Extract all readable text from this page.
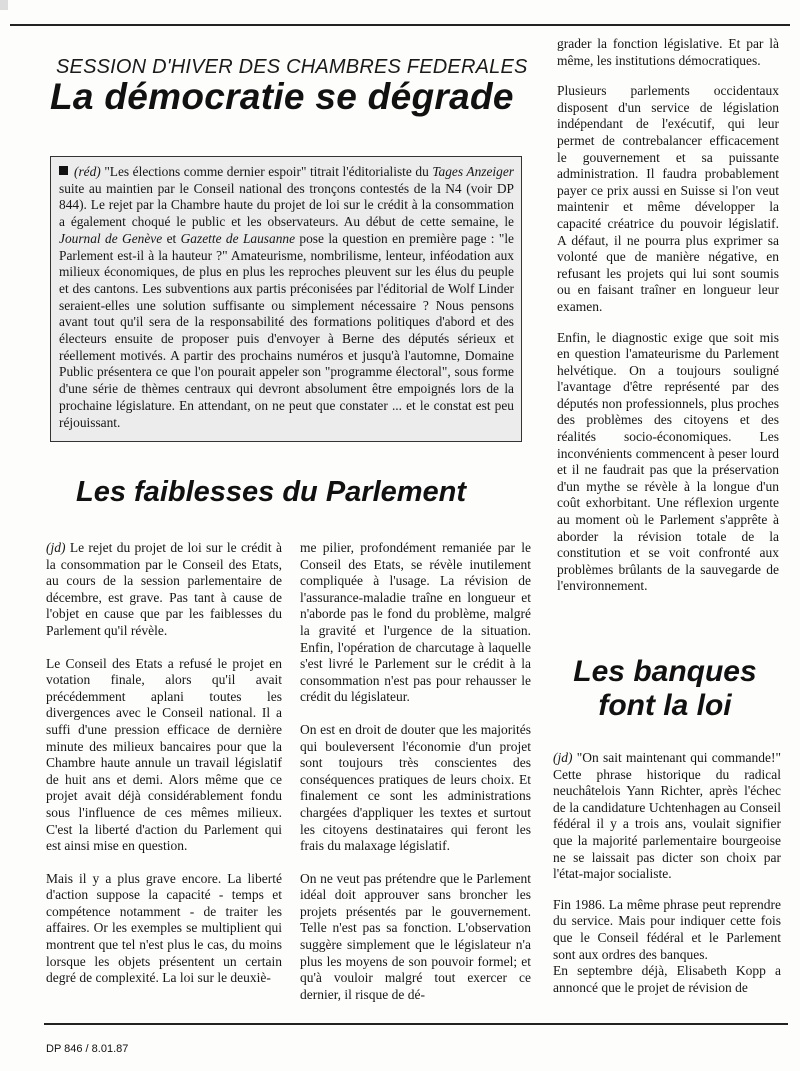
SESSION D'HIVER DES CHAMBRES FEDERALES
La démocratie se dégrade

(réd) "Les élections comme dernier espoir" titrait l'éditorialiste du Tages Anzeiger suite au maintien par le Conseil national des tronçons contestés de la N4 (voir DP 844). Le rejet par la Chambre haute du projet de loi sur le crédit à la consommation a également choqué le public et les observateurs. Au début de cette semaine, le Journal de Genève et Gazette de Lausanne pose la question en première page : "le Parlement est-il à la hauteur ?" Amateurisme, nombrilisme, lenteur, inféodation aux milieux économiques, de plus en plus les reproches pleuvent sur les élus du peuple et des cantons. Les subventions aux partis préconisées par l'éditorial de Wolf Linder seraient-elles une solution suffisante ou simplement nécessaire ? Nous pensons avant tout qu'il sera de la responsabilité des formations politiques d'abord et des électeurs ensuite de proposer puis d'envoyer à Berne des députés sérieux et réellement motivés. A partir des prochains numéros et jusqu'à l'automne, Domaine Public présentera ce que l'on pourait appeler son "programme électoral", sous forme d'une série de thèmes centraux qui devront absolument être empoignés lors de la prochaine législature. En attendant, on ne peut que constater ... et le constat est peu réjouissant.

Les faiblesses du Parlement

(jd) Le rejet du projet de loi sur le crédit à la consommation par le Conseil des Etats, au cours de la session parlementaire de décembre, est grave. Pas tant à cause de l'objet en cause que par les faiblesses du Parlement qu'il révèle.

Le Conseil des Etats a refusé le projet en votation finale, alors qu'il avait précédemment aplani toutes les divergences avec le Conseil national. Il a suffi d'une pression efficace de dernière minute des milieux bancaires pour que la Chambre haute annule un travail législatif de huit ans et demi. Alors même que ce projet avait déjà considérablement fondu sous l'influence de ces mêmes milieux. C'est la liberté d'action du Parlement qui est ainsi mise en question.

Mais il y a plus grave encore. La liberté d'action suppose la capacité - temps et compétence notamment - de traiter les affaires. Or les exemples se multiplient qui montrent que tel n'est plus le cas, du moins lorsque les objets présentent un certain degré de complexité. La loi sur le deuxiè-

me pilier, profondément remaniée par le Conseil des Etats, se révèle inutilement compliquée à l'usage. La révision de l'assurance-maladie traîne en longueur et n'aborde pas le fond du problème, malgré la gravité et l'urgence de la situation. Enfin, l'opération de charcutage à laquelle s'est livré le Parlement sur le crédit à la consommation n'est pas pour rehausser le crédit du législateur.

On est en droit de douter que les majorités qui bouleversent l'économie d'un projet sont toujours très conscientes des conséquences pratiques de leurs choix. Et finalement ce sont les administrations chargées d'appliquer les textes et surtout les citoyens destinataires qui feront les frais du malaxage législatif.

On ne veut pas prétendre que le Parlement idéal doit approuver sans broncher les projets présentés par le gouvernement. Telle n'est pas sa fonction. L'observation suggère simplement que le législateur n'a plus les moyens de son pouvoir formel; et qu'à vouloir malgré tout exercer ce dernier, il risque de dé-

grader la fonction législative. Et par là même, les institutions démocratiques.

Plusieurs parlements occidentaux disposent d'un service de législation indépendant de l'exécutif, qui leur permet de contrebalancer efficacement le gouvernement et sa puissante administration. Il faudra probablement payer ce prix aussi en Suisse si l'on veut maintenir et même développer la capacité créatrice du pouvoir législatif. A défaut, il ne pourra plus exprimer sa volonté que de manière négative, en refusant les projets qui lui sont soumis ou en faisant traîner en longueur leur examen.

Enfin, le diagnostic exige que soit mis en question l'amateurisme du Parlement helvétique. On a toujours souligné l'avantage d'être représenté par des députés non professionnels, plus proches des problèmes des citoyens et des réalités socio-économiques. Les inconvénients commencent à peser lourd et il ne faudrait pas que la préservation d'un mythe se révèle à la longue d'un coût exhorbitant. Une réflexion urgente au moment où le Parlement s'apprête à aborder la révision totale de la constitution et se voit confronté aux problèmes brûlants de la sauvegarde de l'environnement.

Les banques
font la loi

(jd) "On sait maintenant qui commande!" Cette phrase historique du radical neuchâtelois Yann Richter, après l'échec de la candidature Uchtenhagen au Conseil fédéral il y a trois ans, voulait signifier que la majorité parlementaire bourgeoise ne se laissait pas dicter son choix par l'état-major socialiste.

Fin 1986. La même phrase peut reprendre du service. Mais pour indiquer cette fois que le Conseil fédéral et le Parlement sont aux ordres des banques.

En septembre déjà, Elisabeth Kopp a annoncé que le projet de révision de

DP 846 / 8.01.87
